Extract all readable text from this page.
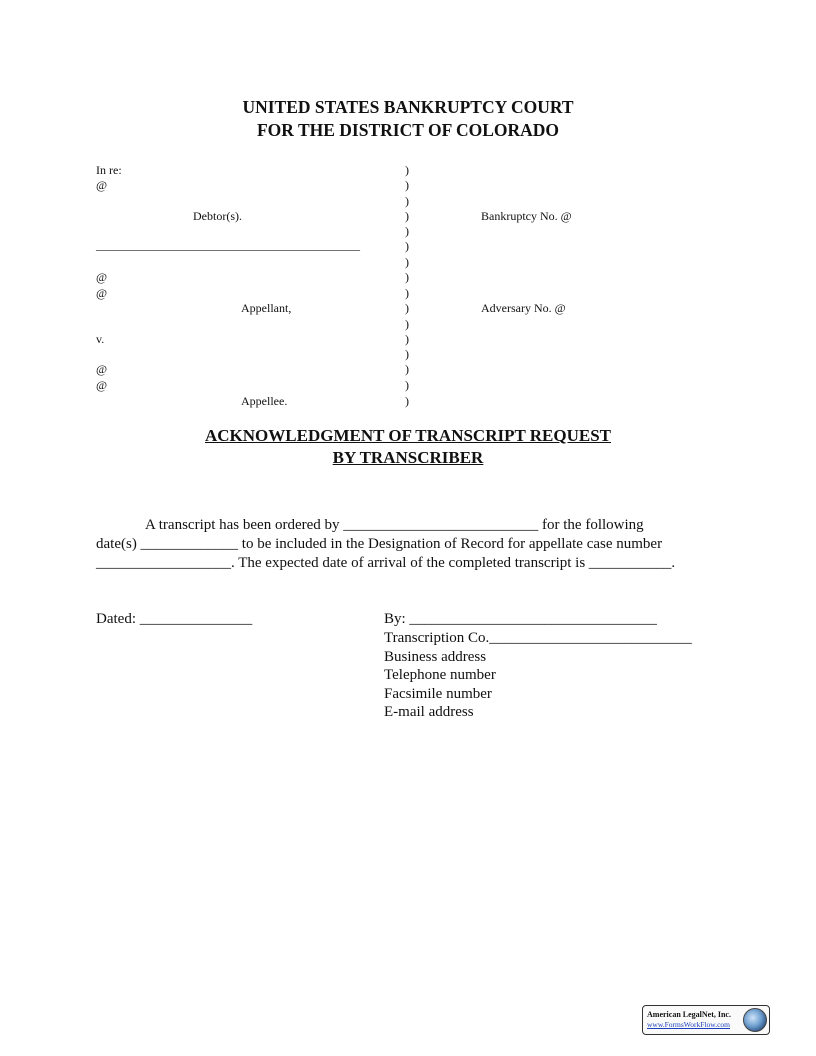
UNITED STATES BANKRUPTCY COURT
FOR THE DISTRICT OF COLORADO
In re:
@
Debtor(s).
____________________________________________
@
@
Appellant,
v.
@
@
Appellee.
)
)
)
)
)
)
)
)
)
)
)
)
)
)
)
)
Bankruptcy No. @
Adversary No. @
ACKNOWLEDGMENT OF TRANSCRIPT REQUEST
BY TRANSCRIBER
A transcript has been ordered by __________________________ for the following
date(s) _____________ to be included in the Designation of Record for appellate case number
__________________. The expected date of arrival of the completed transcript is ___________.
Dated: _______________	By: _________________________________
Transcription Co.___________________________
Business address
Telephone number
Facsimile number
E-mail address
American LegalNet, Inc.
www.FormsWorkFlow.com
